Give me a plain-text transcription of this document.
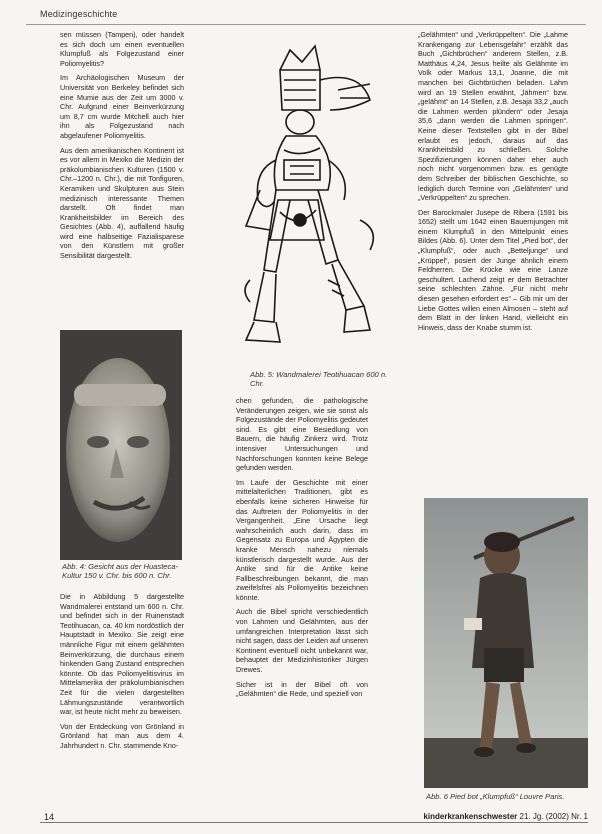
Medizingeschichte

sen müssen (Tampen), oder handelt es sich doch um einen eventuellen Klumpfuß als Folgezustand einer Poliomyelitis?

Im Archäologischen Museum der Universität von Berkeley befindet sich eine Mumie aus der Zeit um 3000 v. Chr. Aufgrund einer Beinverkürzung um 8,7 cm wurde Mitchell auch hier ihn als Folgezustand nach abgelaufener Poliomyelitis.

Aus dem amerikanischen Kontinent ist es vor allem in Mexiko die Medizin der präkolumbianischen Kulturen (1500 v. Chr.–1200 n. Chr.), die mit Tonfiguren, Keramiken und Skulpturen aus Stein medizinisch interessante Themen darstellt. Oft findet man Krankheitsbilder im Bereich des Gesichtes (Abb. 4), auffallend häufig wird eine halbseitige Fazialisparese von den Künstlern mit großer Sensibilität dargestellt.

Abb. 4: Gesicht aus der Huasteca-Kultur 150 v. Chr. bis 600 n. Chr.

Die in Abbildung 5 dargestellte Wandmalerei entstand um 600 n. Chr. und befindet sich in der Ruinenstadt Teotihuacan, ca. 40 km nordöstlich der Hauptstadt in Mexiko. Sie zeigt eine männliche Figur mit einem gelähmten Beinverkürzung, die durchaus einem hinkenden Gang Zustand entsprechen könnte. Ob das Poliomyelitisvirus im Mittelamerika der präkolumbianischen Zeit für die vielen dargestellten Lähmungszustände verantwortlich war, ist heute nicht mehr zu beweisen.

Von der Entdeckung von Grönland in Grönland hat man aus dem 4. Jahrhundert n. Chr. stammende Kno-

Abb. 5: Wandmalerei Teotihuacan 600 n. Chr.

chen gefunden, die pathologische Veränderungen zeigen, wie sie sonst als Folgezustände der Poliomyelitis gedeutet sind. Es gibt eine Besiedlung von Bauern, die häufig Zinkerz wird. Trotz intensiver Untersuchungen und Nachforschungen konnten keine Belege gefunden werden.

Im Laufe der Geschichte mit einer mittelalterlichen Traditionen, gibt es ebenfalls keine sicheren Hinweise für das Auftreten der Poliomyelitis in der Vergangenheit. „Eine Ursache liegt wahrscheinlich auch darin, dass im Gegensatz zu Europa und Ägypten die kranke Mensch nahezu niemals künstlerisch dargestellt wurde. Aus der Antike sind für die Antike keine Fallbeschreibungen bekannt, die man zweifelsfrei als Poliomyelitis bezeichnen könnte.

Auch die Bibel spricht verschiedentlich von Lahmen und Gelähmten, aus der umfangreichen Interpretation lässt sich nicht sagen, dass der Leiden auf unseren Kontinent eventuell nicht unbekannt war, behauptet der Medizinhistoriker Jürgen Drewes.

Sicher ist in der Bibel oft von „Gelähmten“ die Rede, und speziell von

„Gelähmten“ und „Verkrüppelten“. Die „Lahme Krankengang zur Lebensgefahr“ erzählt das Buch „Gichtbrüchen“ anderem Stellen, z.B. Matthäus 4,24, Jesus heilte als Gelähmte im Volk oder Markus 13,1, Joanne, die mit manchen bei Gichtbrüchen beladen. Lahm wird an 19 Stellen erwähnt, „lähmen“ bzw. „gelähmt“ an 14 Stellen, z.B. Jesaja 33,2 „auch die Lahmen werden plündern“ oder Jesaja 35,6 „dann werden die Lahmen springen“. Keine dieser Textstellen gibt in der Bibel erlaubt es jedoch, daraus auf das Krankheitsbild zu schließen. Solche Spezifizierungen können daher eher auch noch nicht vorgenommen bzw. es genügte dem Schreiber der biblischen Geschichte, so lediglich durch Termine von „Gelähmten“ und „Verkrüppelten“ zu sprechen.

Der Barockmaler Jusepe de Ribera (1591 bis 1652) stellt um 1642 einen Bauernjungen mit einem Klumpfuß in den Mittelpunkt eines Bildes (Abb. 6). Unter dem Titel „Pied bot“, der „Klumpfuß“, oder auch „Betteljunge“ und „Krüppel“, posiert der Junge ähnlich einem Feldherren. Die Krücke wie eine Lanze geschultert. Lachend zeigt er dem Betrachter seine schlechten Zähne. „Für nicht mehr diesen gesehen erfordert es“ – Gib mir um der Liebe Gottes willen einen Almosen – steht auf dem Blatt in der linken Hand, vielleicht ein Hinweis, dass der Knabe stumm ist.

Abb. 6 Pied bot „Klumpfuß“ Louvre Paris.
14	kinderkrankenschwester 21. Jg. (2002) Nr. 1
